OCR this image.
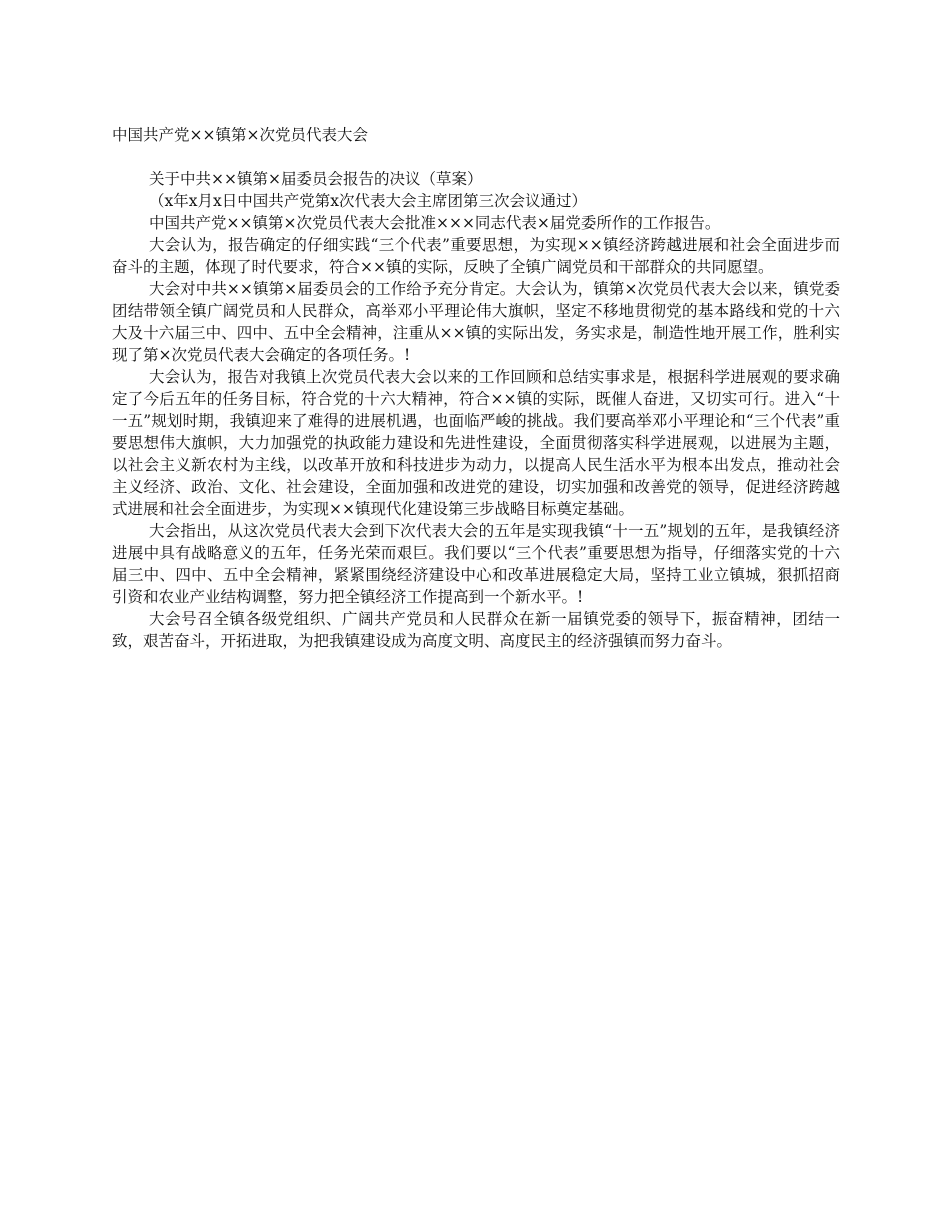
中国共产党××镇第×次党员代表大会

关于中共××镇第×届委员会报告的决议（草案）

（x年x月x日中国共产党第x次代表大会主席团第三次会议通过）

中国共产党××镇第×次党员代表大会批准×××同志代表×届党委所作的工作报告。

大会认为，报告确定的仔细实践“三个代表”重要思想，为实现××镇经济跨越进展和社会全面进步而奋斗的主题，体现了时代要求，符合××镇的实际，反映了全镇广阔党员和干部群众的共同愿望。

大会对中共××镇第×届委员会的工作给予充分肯定。大会认为，镇第×次党员代表大会以来，镇党委团结带领全镇广阔党员和人民群众，高举邓小平理论伟大旗帜，坚定不移地贯彻党的基本路线和党的十六大及十六届三中、四中、五中全会精神，注重从××镇的实际出发，务实求是，制造性地开展工作，胜利实现了第×次党员代表大会确定的各项任务。!

大会认为，报告对我镇上次党员代表大会以来的工作回顾和总结实事求是，根据科学进展观的要求确定了今后五年的任务目标，符合党的十六大精神，符合××镇的实际，既催人奋进，又切实可行。进入“十一五”规划时期，我镇迎来了难得的进展机遇，也面临严峻的挑战。我们要高举邓小平理论和“三个代表”重要思想伟大旗帜，大力加强党的执政能力建设和先进性建设，全面贯彻落实科学进展观，以进展为主题，以社会主义新农村为主线，以改革开放和科技进步为动力，以提高人民生活水平为根本出发点，推动社会主义经济、政治、文化、社会建设，全面加强和改进党的建设，切实加强和改善党的领导，促进经济跨越式进展和社会全面进步，为实现××镇现代化建设第三步战略目标奠定基础。

大会指出，从这次党员代表大会到下次代表大会的五年是实现我镇“十一五”规划的五年，是我镇经济进展中具有战略意义的五年，任务光荣而艰巨。我们要以“三个代表”重要思想为指导，仔细落实党的十六届三中、四中、五中全会精神，紧紧围绕经济建设中心和改革进展稳定大局，坚持工业立镇城，狠抓招商引资和农业产业结构调整，努力把全镇经济工作提高到一个新水平。!

大会号召全镇各级党组织、广阔共产党员和人民群众在新一届镇党委的领导下，振奋精神，团结一致，艰苦奋斗，开拓进取，为把我镇建设成为高度文明、高度民主的经济强镇而努力奋斗。
